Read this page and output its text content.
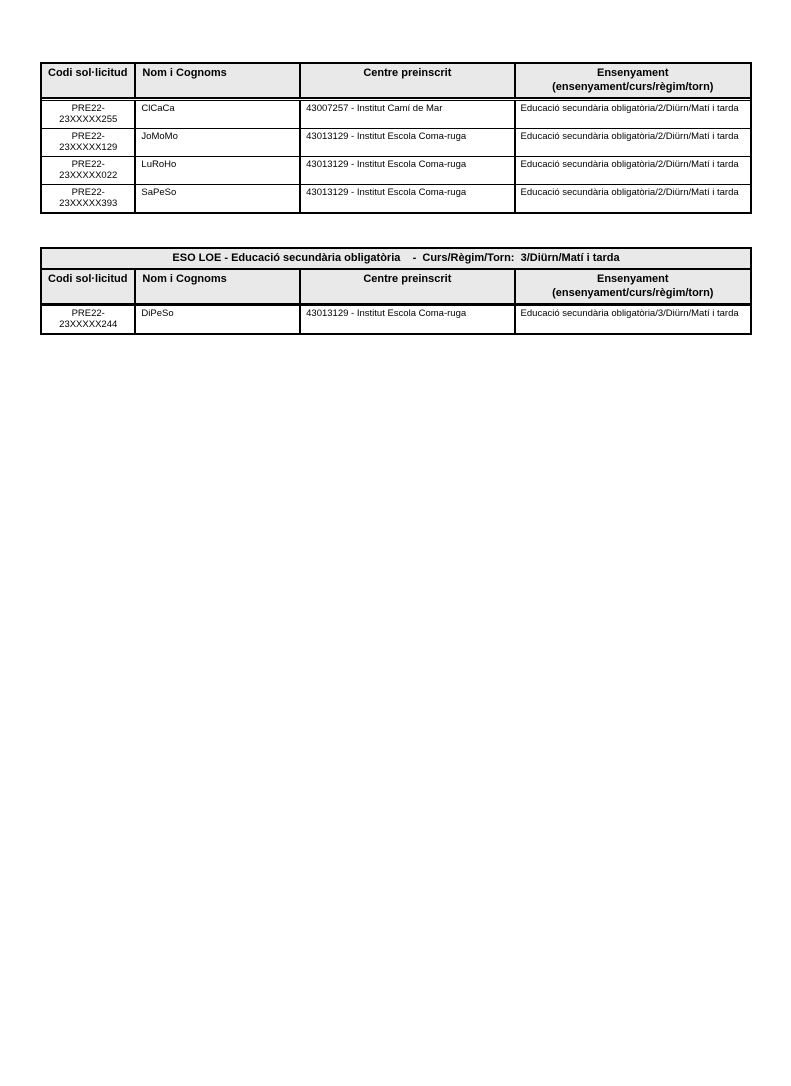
Codi sol·licitud	Nom i Cognoms	Centre preinscrit	Ensenyament (ensenyament/curs/règim/torn)

PRE22-23XXXXX255	ClCaCa	43007257 - Institut Camí de Mar	Educació secundària obligatòria/2/Diürn/Matí i tarda
PRE22-23XXXXX129	JoMoMo	43013129 - Institut Escola Coma-ruga	Educació secundària obligatòria/2/Diürn/Matí i tarda
PRE22-23XXXXX022	LuRoHo	43013129 - Institut Escola Coma-ruga	Educació secundària obligatòria/2/Diürn/Matí i tarda
PRE22-23XXXXX393	SaPeSo	43013129 - Institut Escola Coma-ruga	Educació secundària obligatòria/2/Diürn/Matí i tarda
ESO LOE - Educació secundària obligatòria    -  Curs/Règim/Torn:  3/Diürn/Matí i tarda			
Codi sol·licitud	Nom i Cognoms	Centre preinscrit	Ensenyament (ensenyament/curs/règim/torn)

PRE22-23XXXXX244	DiPeSo	43013129 - Institut Escola Coma-ruga	Educació secundària obligatòria/3/Diürn/Matí i tarda
